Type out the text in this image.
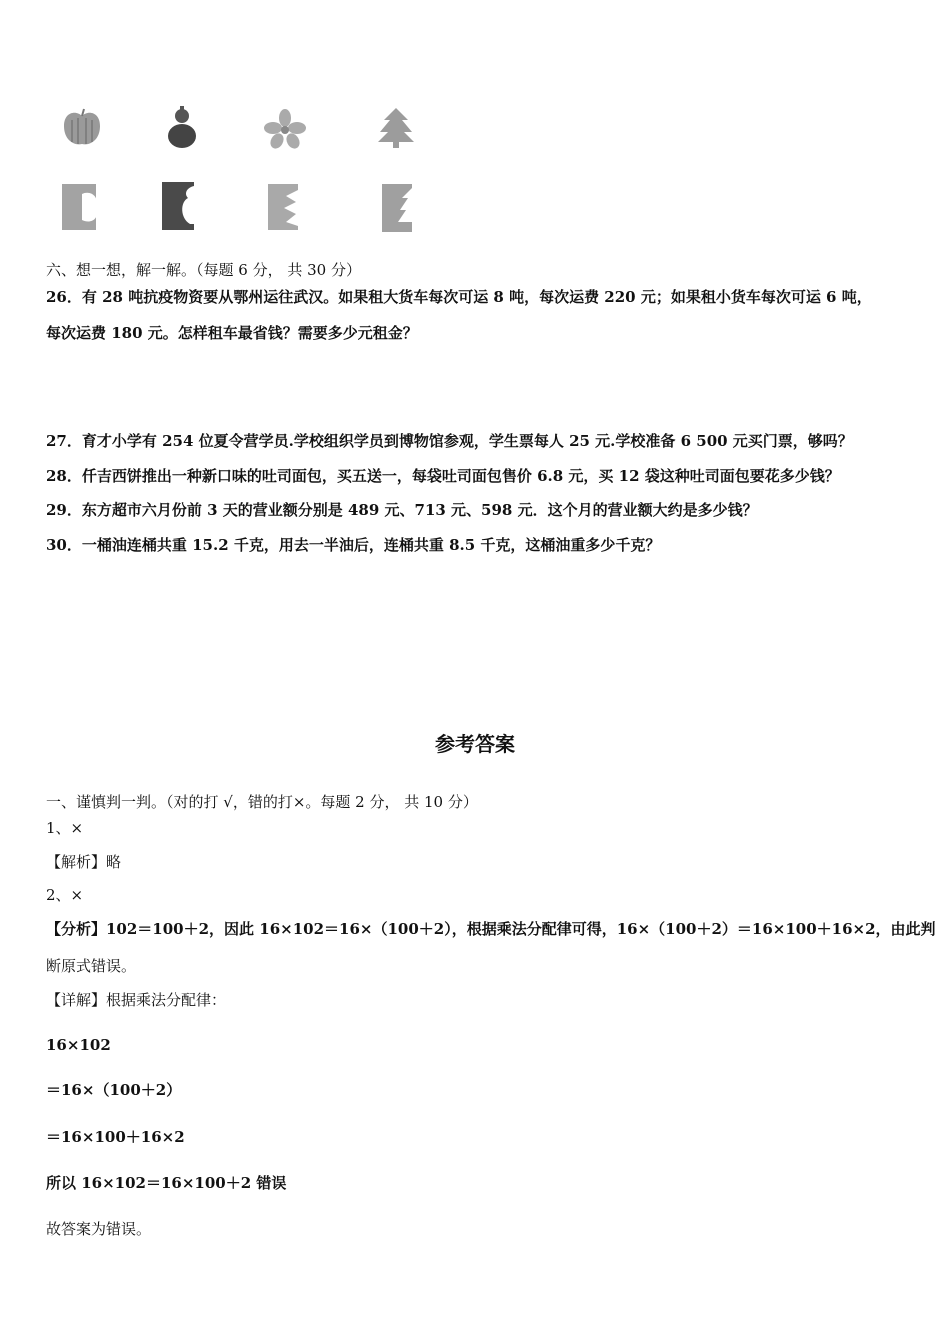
六、想一想，解一解。（每题 6 分， 共 30 分）
26．有 28 吨抗疫物资要从鄂州运往武汉。如果租大货车每次可运 8 吨，每次运费 220 元；如果租小货车每次可运 6 吨，
每次运费 180 元。怎样租车最省钱？需要多少元租金？
27．育才小学有 254 位夏令营学员.学校组织学员到博物馆参观，学生票每人 25 元.学校准备 6 500 元买门票，够吗？
28．仟吉西饼推出一种新口味的吐司面包，买五送一，每袋吐司面包售价 6.8 元，买 12 袋这种吐司面包要花多少钱？
29．东方超市六月份前 3 天的营业额分别是 489 元、713 元、598 元．这个月的营业额大约是多少钱？
30．一桶油连桶共重 15.2 千克，用去一半油后，连桶共重 8.5 千克，这桶油重多少千克？
参考答案
一、谨慎判一判。（对的打 √，错的打×。每题 2 分， 共 10 分）
1、×
【解析】略
2、×
【分析】102＝100＋2，因此 16×102＝16×（100＋2），根据乘法分配律可得，16×（100＋2）＝16×100＋16×2，由此判
断原式错误。
【详解】根据乘法分配律：
16×102
＝16×（100＋2）
＝16×100＋16×2
所以 16×102＝16×100＋2 错误
故答案为错误。
